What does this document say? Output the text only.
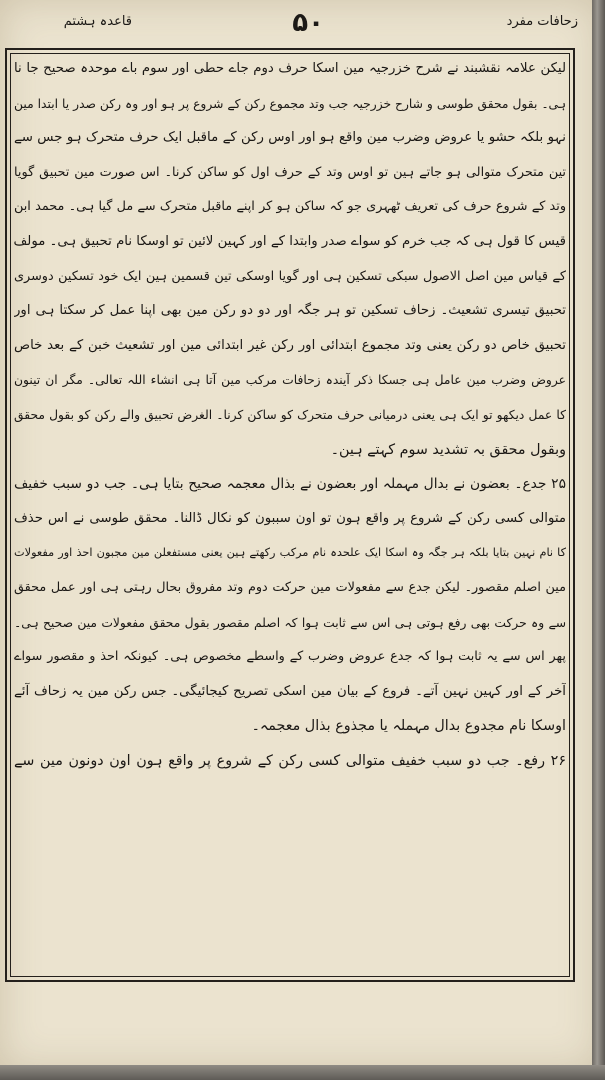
زحافات مفرد
۵۰
قاعدہ ہشتم
لیکن علامہ نقشبند نے شرح خزرجیہ مین اسکا حرف دوم جاے حطی اور سوم باے موحدہ صحیح جا نا
ہی۔ بقول محقق طوسی و شارح خزرجیہ جب وتد مجموع رکن کے شروع پر ہو اور وہ رکن صدر یا ابتدا مین
نہو بلکہ حشو یا عروض وضرب مین واقع ہو اور اوس رکن کے ماقبل ایک حرف متحرک ہو جس سے
تین متحرک متوالی ہو جاتے ہین تو اوس وتد کے حرف اول کو ساکن کرنا۔ اس صورت مین تحبیق گویا
وتد کے شروع حرف کی تعریف ٹھہری جو کہ ساکن ہو کر اپنے ماقبل متحرک سے مل گیا ہی۔ محمد ابن
قیس کا قول ہی کہ جب خرم کو سواے صدر وابتدا کے اور کہین لائین تو اوسکا نام تحبیق ہی۔ مولف
کے قیاس مین اصل الاصول سبکی تسکین ہی اور گویا اوسکی تین قسمین ہین ایک خود تسکین دوسری
تحبیق تیسری تشعیث۔ زحاف تسکین تو ہر جگہ اور دو دو رکن مین بھی اپنا عمل کر سکتا ہی اور
تحبیق خاص دو رکن یعنی وتد مجموع ابتدائی اور رکن غیر ابتدائی مین اور تشعیث خبن کے بعد خاص
عروض وضرب مین عامل ہی جسکا ذکر آیندہ زحافات مرکب مین آتا ہی انشاء اللہ تعالی۔ مگر ان تینون
کا عمل دیکھو تو ایک ہی یعنی درمیانی حرف متحرک کو ساکن کرنا۔ الغرض تحبیق والے رکن کو بقول محقق
وبقول محقق بہ تشدید سوم کہتے ہین۔
۲۵ جدع۔ بعضون نے بدال مہملہ اور بعضون نے بذال معجمہ صحیح بتایا ہی۔ جب دو سبب خفیف
متوالی کسی رکن کے شروع پر واقع ہون تو اون سببون کو نکال ڈالنا۔ محقق طوسی نے اس حذف
کا نام نہین بتایا بلکہ ہر جگہ وہ اسکا ایک علحدہ نام مرکب رکھتے ہین یعنی مستفعلن مین مجبون احذ اور مفعولات
مین اصلم مقصور۔ لیکن جدع سے مفعولات مین حرکت دوم وتد مفروق بحال رہتی ہی اور عمل محقق
سے وہ حرکت بھی رفع ہوتی ہی اس سے ثابت ہوا کہ اصلم مقصور بقول محقق مفعولات مین صحیح ہی۔
پھر اس سے یہ ثابت ہوا کہ جدع عروض وضرب کے واسطے مخصوص ہی۔ کیونکہ احذ و مقصور سواے
آخر کے اور کہین نہین آتے۔ فروع کے بیان مین اسکی تصریح کیجائیگی۔ جس رکن مین یہ زحاف آئے
اوسکا نام مجدوع بدال مہملہ یا مجذوع بذال معجمہ۔
۲۶ رفع۔ جب دو سبب خفیف متوالی کسی رکن کے شروع پر واقع ہون اون دونون مین سے
